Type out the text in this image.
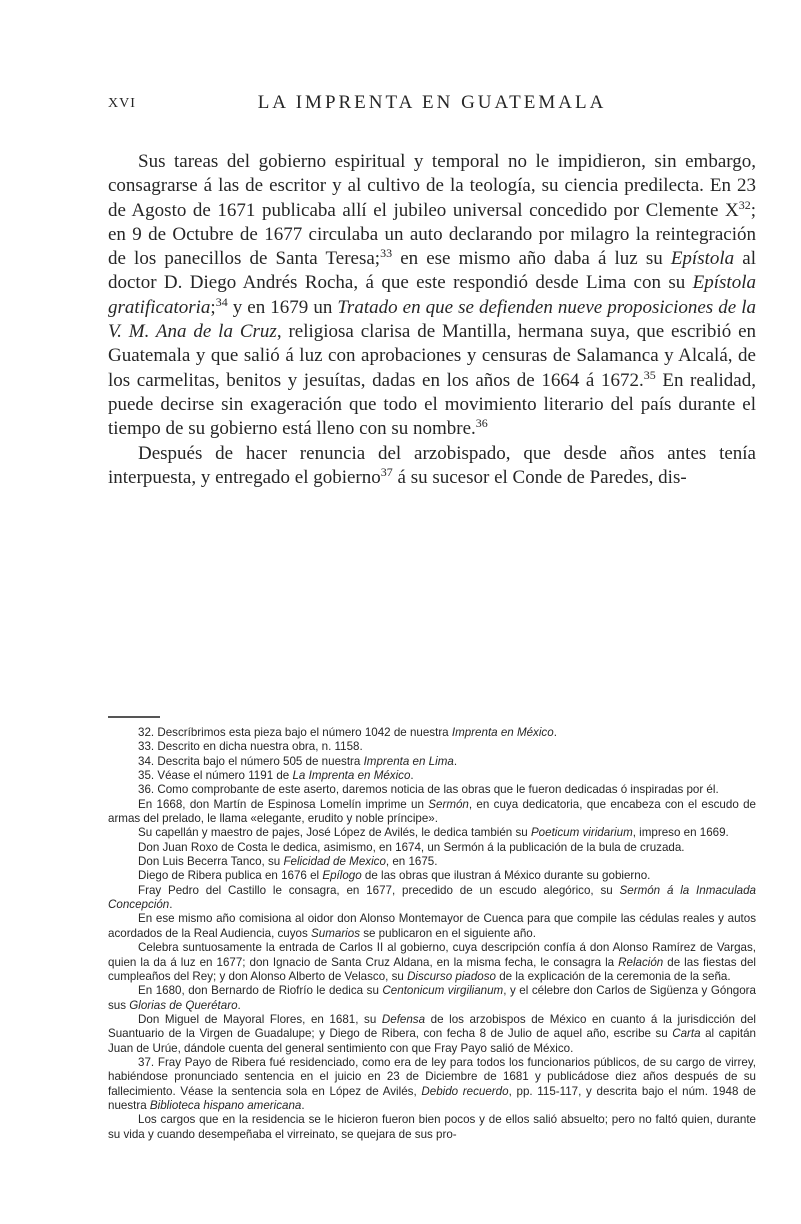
XVI	LA IMPRENTA EN GUATEMALA

Sus tareas del gobierno espiritual y temporal no le impidieron, sin embargo, consagrarse á las de escritor y al cultivo de la teología, su ciencia predilecta. En 23 de Agosto de 1671 publicaba allí el jubileo universal concedido por Clemente $X^{32}$; en 9 de Octubre de 1677 circulaba un auto declarando por milagro la reintegración de los panecillos de Santa Teresa;$^{33}$ en ese mismo año daba á luz su Epístola al doctor D. Diego Andrés Rocha, á que este respondió desde Lima con su Epístola gratificatoria;$^{34}$ y en 1679 un Tratado en que se defienden nueve proposiciones de la V. M. Ana de la Cruz, religiosa clarisa de Mantilla, hermana suya, que escribió en Guatemala y que salió á luz con aprobaciones y censuras de Salamanca y Alcalá, de los carmelitas, benitos y jesuítas, dadas en los años de 1664 á 1672.35 En realidad, puede decirse sin exageración que todo el movimiento literario del país durante el tiempo de su gobierno está lleno con su nombre.$^{36}$

Después de hacer renuncia del arzobispado, que desde años antes tenía interpuesta, y entregado el gobierno$^{37}$ á su sucesor el Conde de Paredes, dis-

32. Descríbrimos esta pieza bajo el número 1042 de nuestra Imprenta en México.

33. Descrito en dicha nuestra obra, n. 1158.

34. Descrita bajo el número 505 de nuestra Imprenta en Lima.

35. Véase el número 1191 de La Imprenta en México.

36. Como comprobante de este aserto, daremos noticia de las obras que le fueron dedicadas ó inspiradas por él.

En 1668, don Martín de Espinosa Lomelín imprime un Sermón, en cuya dedicatoria, que encabeza con el escudo de armas del prelado, le llama «elegante, erudito y noble príncipe».

Su capellán y maestro de pajes, José López de Avilés, le dedica también su Poeticum viridarium, impreso en 1669.

Don Juan Roxo de Costa le dedica, asimismo, en 1674, un Sermón á la publicación de la bula de cruzada.

Don Luis Becerra Tanco, su Felicidad de Mexico, en 1675.

Diego de Ribera publica en 1676 el Epílogo de las obras que ilustran á México durante su gobierno.

Fray Pedro del Castillo le consagra, en 1677, precedido de un escudo alegórico, su Sermón á la Inmaculada Concepción.

En ese mismo año comisiona al oidor don Alonso Montemayor de Cuenca para que compile las cédulas reales y autos acordados de la Real Audiencia, cuyos Sumarios se publicaron en el siguiente año.

Celebra suntuosamente la entrada de Carlos II al gobierno, cuya descripción confía á don Alonso Ramírez de Vargas, quien la da á luz en 1677; don Ignacio de Santa Cruz Aldana, en la misma fecha, le consagra la Relación de las fiestas del cumpleaños del Rey; y don Alonso Alberto de Velasco, su Discurso piadoso de la explicación de la ceremonia de la seña.

En 1680, don Bernardo de Riofrío le dedica su Centonicum virgilianum, y el célebre don Carlos de Sigüenza y Góngora sus Glorias de Querétaro.

Don Miguel de Mayoral Flores, en 1681, su Defensa de los arzobispos de México en cuanto á la jurisdicción del Suantuario de la Virgen de Guadalupe; y Diego de Ribera, con fecha 8 de Julio de aquel año, escribe su Carta al capitán Juan de Urúe, dándole cuenta del general sentimiento con que Fray Payo salió de México.

37. Fray Payo de Ribera fué residenciado, como era de ley para todos los funcionarios públicos, de su cargo de virrey, habiéndose pronunciado sentencia en el juicio en 23 de Diciembre de 1681 y publicádose diez años después de su fallecimiento. Véase la sentencia sola en López de Avilés, Debido recuerdo, pp. 115-117, y descrita bajo el núm. 1948 de nuestra Biblioteca hispano americana.

Los cargos que en la residencia se le hicieron fueron bien pocos y de ellos salió absuelto; pero no faltó quien, durante su vida y cuando desempeñaba el virreinato, se quejara de sus pro-
